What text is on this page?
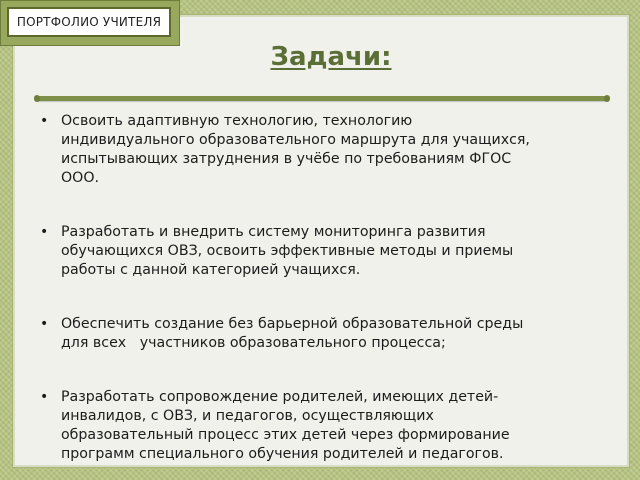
ПОРТФОЛИО УЧИТЕЛЯ
Задачи:
• Освоить адаптивную технологию, технологию
индивидуального образовательного маршрута для учащихся,
испытывающих затруднения в учёбе по требованиям ФГОС
ООО.
• Разработать и внедрить систему мониторинга развития
обучающихся ОВЗ, освоить эффективные методы и приемы
работы с данной категорией учащихся.
• Обеспечить создание без барьерной образовательной среды
для всех   участников образовательного процесса;
• Разработать сопровождение родителей, имеющих детей-
инвалидов, с ОВЗ, и педагогов, осуществляющих
образовательный процесс этих детей через формирование
программ специального обучения родителей и педагогов.
